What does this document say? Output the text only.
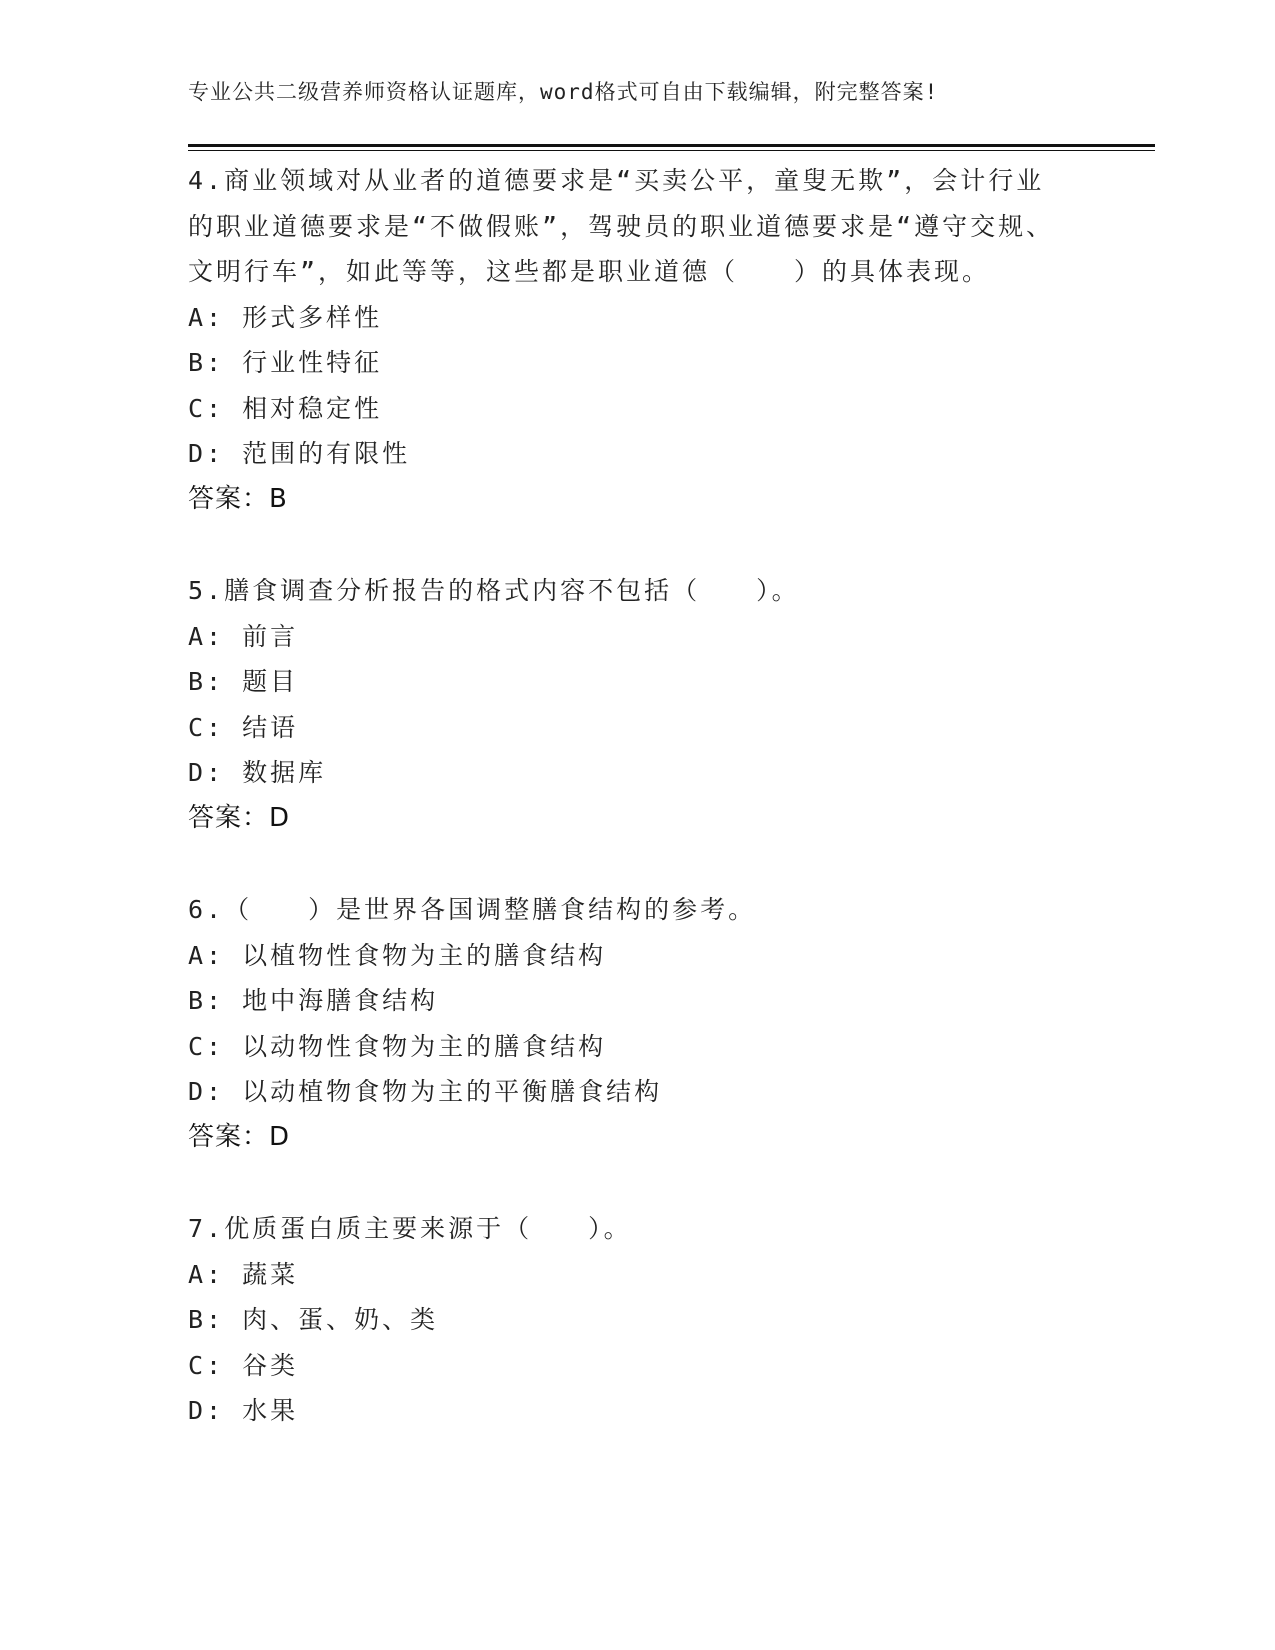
专业公共二级营养师资格认证题库，word格式可自由下载编辑，附完整答案!

4.商业领域对从业者的道德要求是“买卖公平，童叟无欺”，会计行业的职业道德要求是“不做假账”，驾驶员的职业道德要求是“遵守交规、文明行车”，如此等等，这些都是职业道德（　　）的具体表现。

A: 形式多样性

B: 行业性特征

C: 相对稳定性

D: 范围的有限性

答案：B

5.膳食调查分析报告的格式内容不包括（　　）。

A: 前言

B: 题目

C: 结语

D: 数据库

答案：D

6.（　　）是世界各国调整膳食结构的参考。

A: 以植物性食物为主的膳食结构

B: 地中海膳食结构

C: 以动物性食物为主的膳食结构

D: 以动植物食物为主的平衡膳食结构

答案：D

7.优质蛋白质主要来源于（　　）。

A: 蔬菜

B: 肉、蛋、奶、类

C: 谷类

D: 水果
